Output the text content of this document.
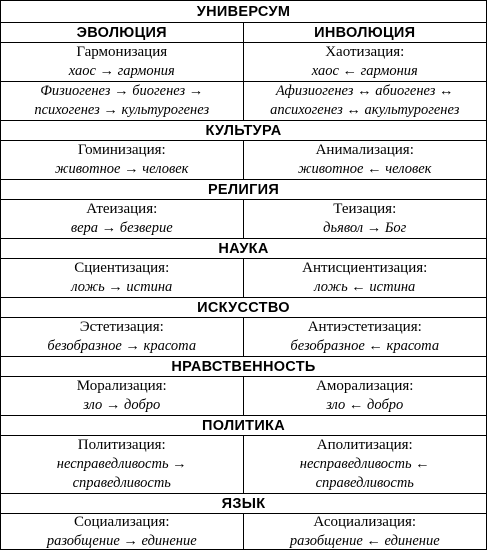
УНИВЕРСУМ
ЭВОЛЮЦИЯ	ИНВОЛЮЦИЯ
Гармонизация
хаос → гармония
Хаотизация:
хаос ← гармония
Физиогенез → биогенез →
психогенез → культурогенез
Афизиогенез ↔ абиогенез ↔
апсихогенез ↔ акультурогенез
КУЛЬТУРА
Гоминизация:
животное → человек
Анимализация:
животное ← человек
РЕЛИГИЯ
Атеизация:
вера → безверие
Теизация:
дьявол → Бог
НАУКА
Сциентизация:
ложь → истина
Антисциентизация:
ложь ← истина
ИСКУССТВО
Эстетизация:
безобразное → красота
Антиэстетизация:
безобразное ← красота
НРАВСТВЕННОСТЬ
Морализация:
зло → добро
Аморализация:
зло ← добро
ПОЛИТИКА
Политизация:
несправедливость →
справедливость
Аполитизация:
несправедливость ←
справедливость
ЯЗЫК
Социализация:
разобщение → единение
Асоциализация:
разобщение ← единение
